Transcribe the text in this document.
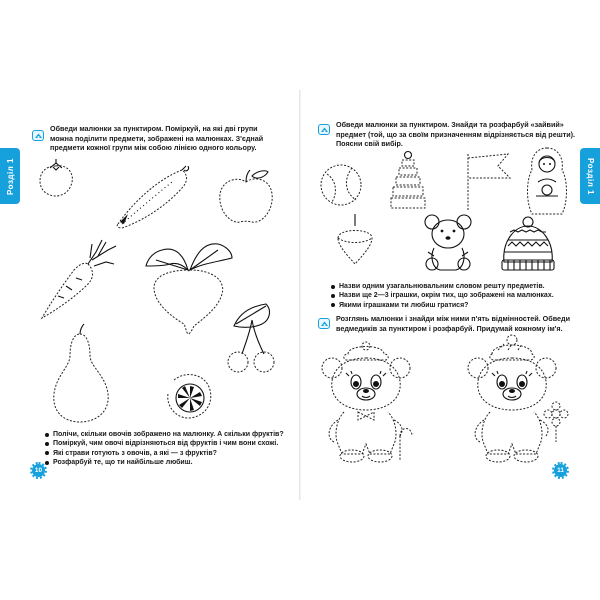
Розділ 1

Обведи малюнки за пунктиром. Поміркуй, на які дві групи можна поділити предмети, зображені на малюнках. З'єднай предмети кожної групи між собою лінією одного кольору.

Полічи, скільки овочів зображено на малюнку. А скільки фруктів?
Поміркуй, чим овочі відрізняються від фруктів і чим вони схожі.
Які страви готують з овочів, а які — з фруктів?
Розфарбуй те, що ти найбільше любиш.
10
Розділ 1

Обведи малюнки за пунктиром. Знайди та розфарбуй «зайвий» предмет (той, що за своїм призначенням відрізняється від решти). Поясни свій вибір.

Назви одним узагальнювальним словом решту предметів.
Назви ще 2—3 іграшки, окрім тих, що зображені на малюнках.
Якими іграшками ти любиш гратися?

Розглянь малюнки і знайди між ними п'ять відмінностей. Обведи ведмедиків за пунктиром і розфарбуй. Придумай кожному ім'я.

11
